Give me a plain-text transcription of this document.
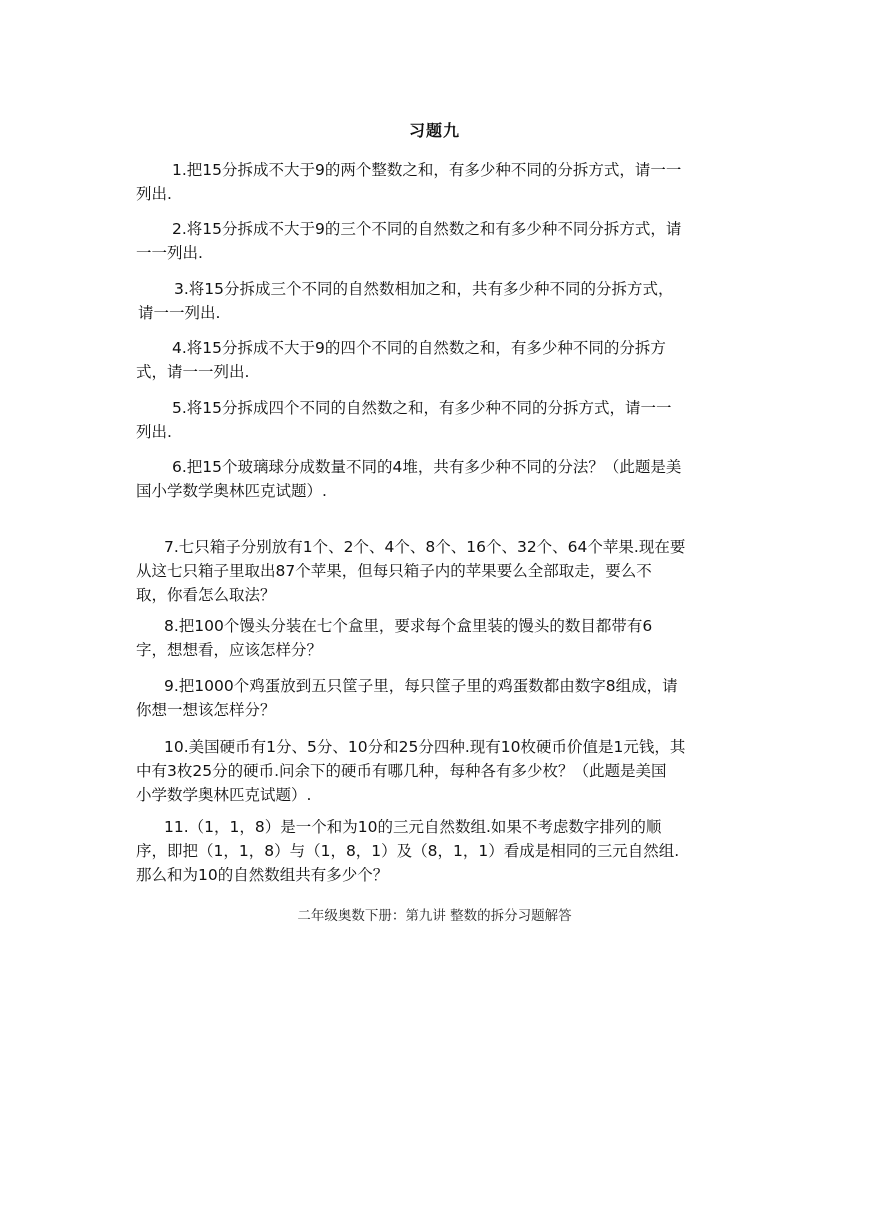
习题九
1.把15分拆成不大于9的两个整数之和，有多少种不同的分拆方式，请一一
列出.
2.将15分拆成不大于9的三个不同的自然数之和有多少种不同分拆方式，请
一一列出.
3.将15分拆成三个不同的自然数相加之和，共有多少种不同的分拆方式，
请一一列出.
4.将15分拆成不大于9的四个不同的自然数之和，有多少种不同的分拆方
式，请一一列出.
5.将15分拆成四个不同的自然数之和，有多少种不同的分拆方式，请一一
列出.
6.把15个玻璃球分成数量不同的4堆，共有多少种不同的分法？（此题是美
国小学数学奥林匹克试题）.
7.七只箱子分别放有1个、2个、4个、8个、16个、32个、64个苹果.现在要
从这七只箱子里取出87个苹果，但每只箱子内的苹果要么全部取走，要么不
取，你看怎么取法？
8.把100个馒头分装在七个盒里，要求每个盒里装的馒头的数目都带有6
字，想想看，应该怎样分？
9.把1000个鸡蛋放到五只筐子里，每只筐子里的鸡蛋数都由数字8组成，请
你想一想该怎样分？
10.美国硬币有1分、5分、10分和25分四种.现有10枚硬币价值是1元钱，其
中有3枚25分的硬币.问余下的硬币有哪几种，每种各有多少枚？（此题是美国
小学数学奥林匹克试题）.
11.（1，1，8）是一个和为10的三元自然数组.如果不考虑数字排列的顺
序，即把（1，1，8）与（1，8，1）及（8，1，1）看成是相同的三元自然组.
那么和为10的自然数组共有多少个？
二年级奥数下册：第九讲 整数的拆分习题解答
